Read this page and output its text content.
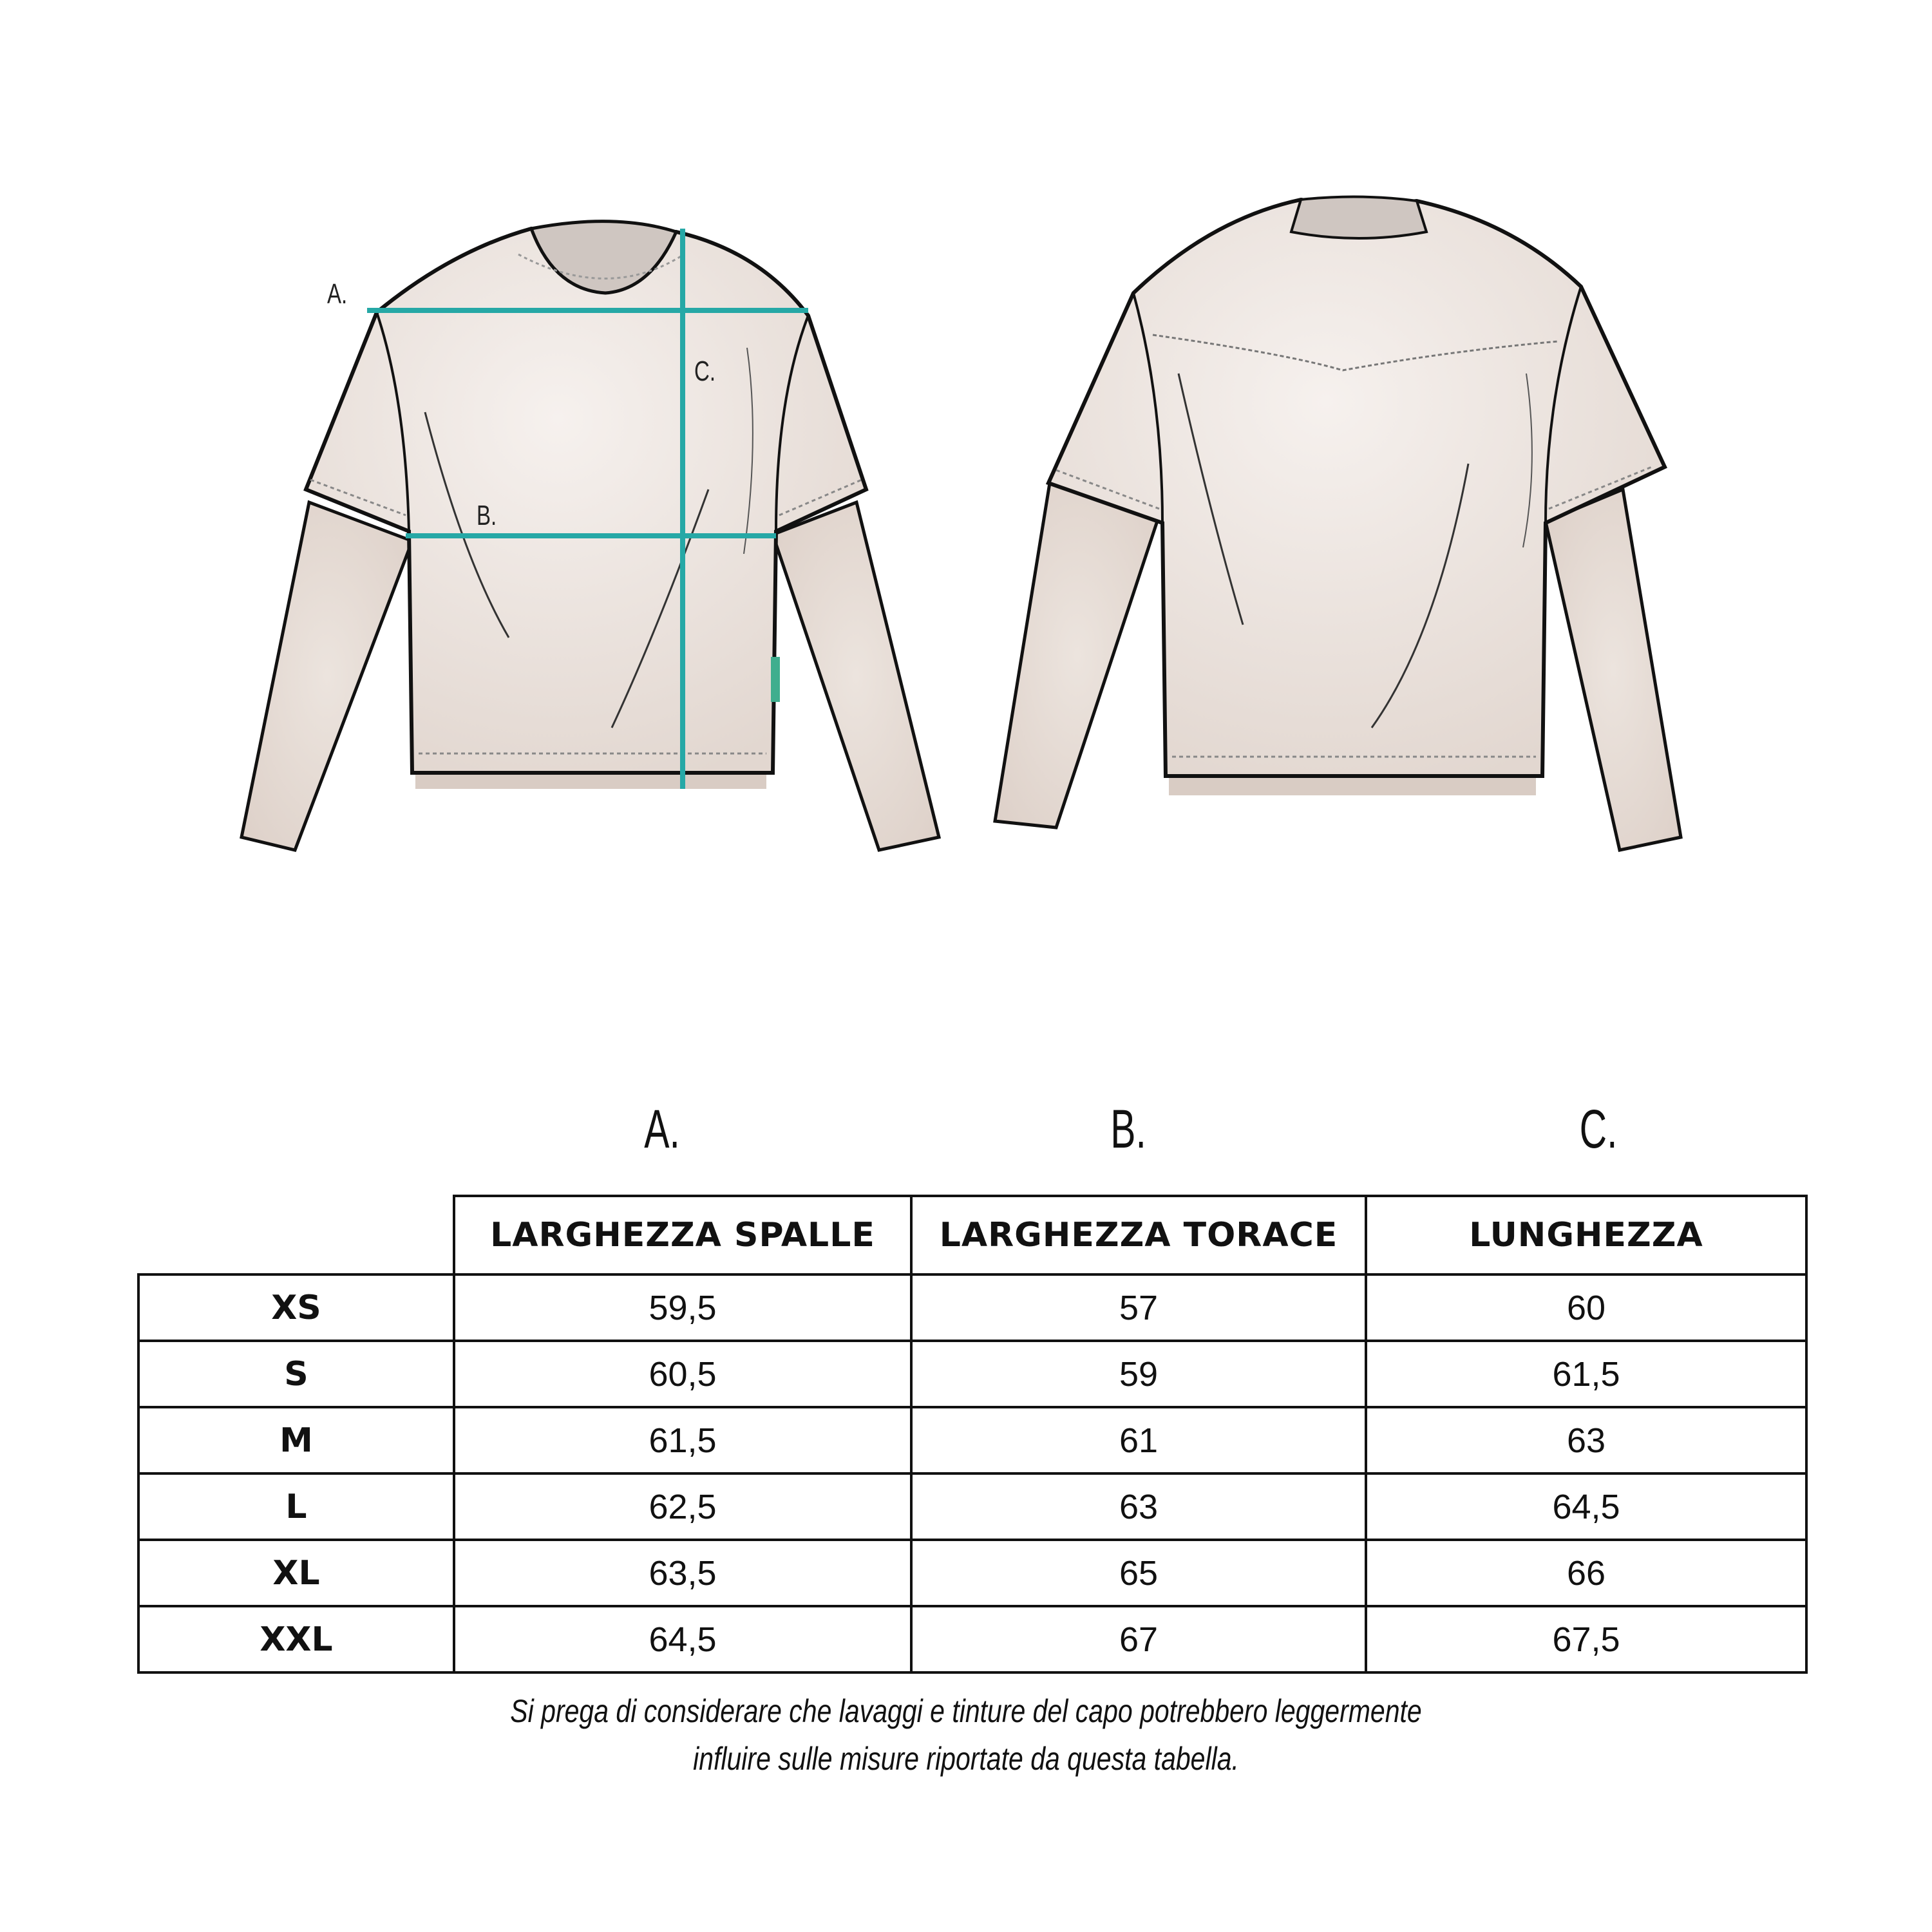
A.
B.
C.
A.	B.	C.
	LARGHEZZA SPALLE	LARGHEZZA TORACE	LUNGHEZZA
XS	59,5	57	60
S	60,5	59	61,5
M	61,5	61	63
L	62,5	63	64,5
XL	63,5	65	66
XXL	64,5	67	67,5
Si prega di considerare che lavaggi e tinture del capo potrebbero leggermente
influire sulle misure riportate da questa tabella.
